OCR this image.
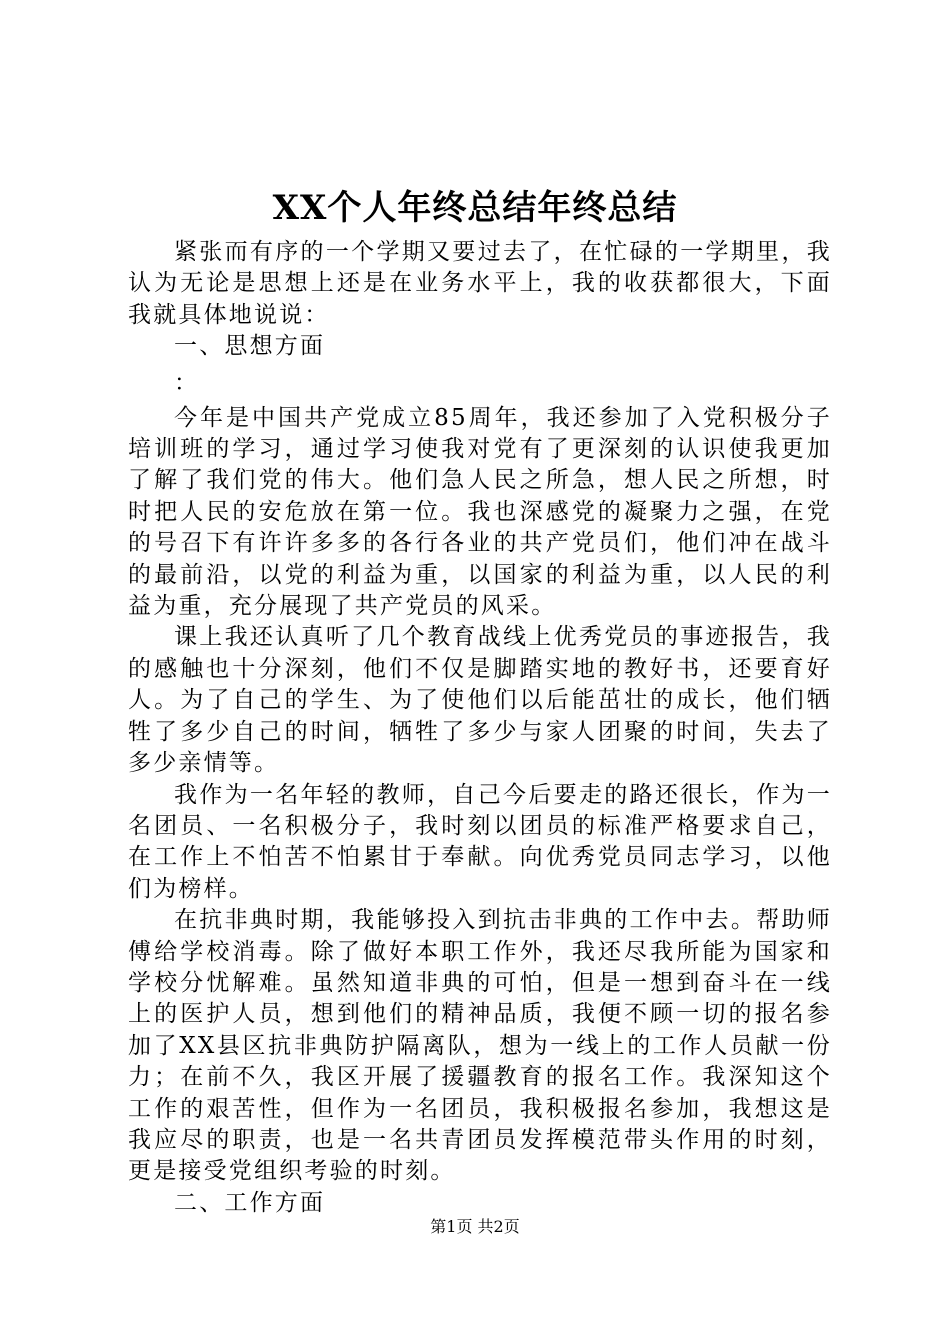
XX个人年终总结年终总结

紧张而有序的一个学期又要过去了，在忙碌的一学期里，我认为无论是思想上还是在业务水平上，我的收获都很大，下面我就具体地说说：

一、思想方面

：

今年是中国共产党成立85周年，我还参加了入党积极分子培训班的学习，通过学习使我对党有了更深刻的认识使我更加了解了我们党的伟大。他们急人民之所急，想人民之所想，时时把人民的安危放在第一位。我也深感党的凝聚力之强，在党的号召下有许许多多的各行各业的共产党员们，他们冲在战斗的最前沿，以党的利益为重，以国家的利益为重，以人民的利益为重，充分展现了共产党员的风采。

课上我还认真听了几个教育战线上优秀党员的事迹报告，我的感触也十分深刻，他们不仅是脚踏实地的教好书，还要育好人。为了自己的学生、为了使他们以后能茁壮的成长，他们牺牲了多少自己的时间，牺牲了多少与家人团聚的时间，失去了多少亲情等。

我作为一名年轻的教师，自己今后要走的路还很长，作为一名团员、一名积极分子，我时刻以团员的标准严格要求自己，在工作上不怕苦不怕累甘于奉献。向优秀党员同志学习，以他们为榜样。

在抗非典时期，我能够投入到抗击非典的工作中去。帮助师傅给学校消毒。除了做好本职工作外，我还尽我所能为国家和学校分忧解难。虽然知道非典的可怕，但是一想到奋斗在一线上的医护人员，想到他们的精神品质，我便不顾一切的报名参加了XX县区抗非典防护隔离队，想为一线上的工作人员献一份力；在前不久，我区开展了援疆教育的报名工作。我深知这个工作的艰苦性，但作为一名团员，我积极报名参加，我想这是我应尽的职责，也是一名共青团员发挥模范带头作用的时刻，更是接受党组织考验的时刻。

二、工作方面

第1页 共2页
